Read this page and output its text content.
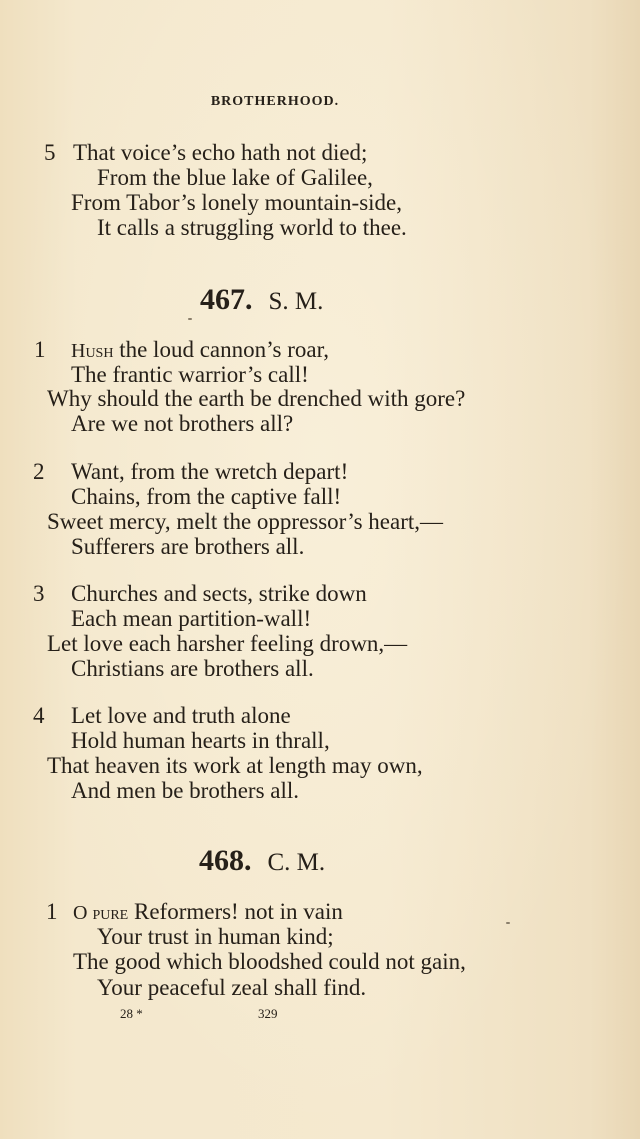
BROTHERHOOD.
5 That voice’s echo hath not died;
From the blue lake of Galilee,
From Tabor’s lonely mountain-side,
It calls a struggling world to thee.
467. S. M.
1 Hush the loud cannon’s roar,
The frantic warrior’s call!
Why should the earth be drenched with gore?
Are we not brothers all?
2 Want, from the wretch depart!
Chains, from the captive fall!
Sweet mercy, melt the oppressor’s heart,—
Sufferers are brothers all.
3 Churches and sects, strike down
Each mean partition-wall!
Let love each harsher feeling drown,—
Christians are brothers all.
4 Let love and truth alone
Hold human hearts in thrall,
That heaven its work at length may own,
And men be brothers all.
468. C. M.
1 O pure Reformers! not in vain
Your trust in human kind;
The good which bloodshed could not gain,
Your peaceful zeal shall find.
28 *	329
